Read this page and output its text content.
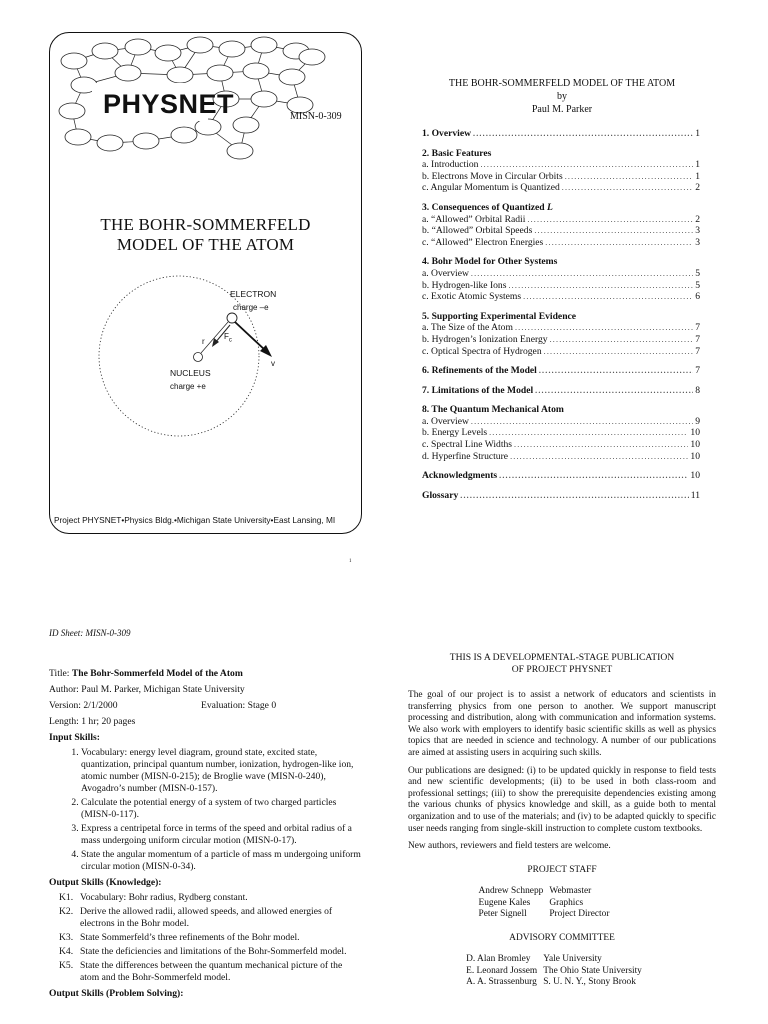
PHYSNET	MISN-0-309
THE BOHR-SOMMERFELD
MODEL OF THE ATOM
ELECTRON
charge –e
r
$F_c$
v
NUCLEUS
charge +e
Project PHYSNET•Physics Bldg.•Michigan State University•East Lansing, MI
THE BOHR-SOMMERFELD MODEL OF THE ATOM
by
Paul M. Parker
1. Overview .....	1
2. Basic Features
a. Introduction .....	1
b. Electrons Move in Circular Orbits .....	1
c. Angular Momentum is Quantized .....	2
3. Consequences of Quantized L
a. “Allowed” Orbital Radii .....	2
b. “Allowed” Orbital Speeds .....	3
c. “Allowed” Electron Energies .....	3
4. Bohr Model for Other Systems
a. Overview .....	5
b. Hydrogen-like Ions .....	5
c. Exotic Atomic Systems .....	6
5. Supporting Experimental Evidence
a. The Size of the Atom .....	7
b. Hydrogen’s Ionization Energy .....	7
c. Optical Spectra of Hydrogen .....	7
6. Refinements of the Model .....	7
7. Limitations of the Model .....	8
8. The Quantum Mechanical Atom
a. Overview .....	9
b. Energy Levels .....	10
c. Spectral Line Widths .....	10
d. Hyperfine Structure .....	10
Acknowledgments .....	10
Glossary .....	11
1
ID Sheet: MISN-0-309
Title: The Bohr-Sommerfeld Model of the Atom
Author: Paul M. Parker, Michigan State University
Version: 2/1/2000	Evaluation: Stage 0
Length: 1 hr; 20 pages
Input Skills:
1. Vocabulary: energy level diagram, ground state, excited state, quantization, principal quantum number, ionization, hydrogen-like ion, atomic number (MISN-0-215); de Broglie wave (MISN-0-240), Avogadro’s number (MISN-0-157).
2. Calculate the potential energy of a system of two charged particles (MISN-0-117).
3. Express a centripetal force in terms of the speed and orbital radius of a mass undergoing uniform circular motion (MISN-0-17).
4. State the angular momentum of a particle of mass m undergoing uniform circular motion (MISN-0-34).
Output Skills (Knowledge):
K1. Vocabulary: Bohr radius, Rydberg constant.
K2. Derive the allowed radii, allowed speeds, and allowed energies of electrons in the Bohr model.
K3. State Sommerfeld’s three refinements of the Bohr model.
K4. State the deficiencies and limitations of the Bohr-Sommerfeld model.
K5. State the differences between the quantum mechanical picture of the atom and the Bohr-Sommerfeld model.
Output Skills (Problem Solving):
THIS IS A DEVELOPMENTAL-STAGE PUBLICATION
OF PROJECT PHYSNET

The goal of our project is to assist a network of educators and scientists in transferring physics from one person to another. We support manuscript processing and distribution, along with communication and information systems. We also work with employers to identify basic scientific skills as well as physics topics that are needed in science and technology. A number of our publications are aimed at assisting users in acquiring such skills.

Our publications are designed: (i) to be updated quickly in response to field tests and new scientific developments; (ii) to be used in both class-room and professional settings; (iii) to show the prerequisite dependencies existing among the various chunks of physics knowledge and skill, as a guide both to mental organization and to use of the materials; and (iv) to be adapted quickly to specific user needs ranging from single-skill instruction to complete custom textbooks.

New authors, reviewers and field testers are welcome.

PROJECT STAFF
Andrew Schnepp	Webmaster
Eugene Kales	Graphics
Peter Signell	Project Director
ADVISORY COMMITTEE
D. Alan Bromley	Yale University
E. Leonard Jossem	The Ohio State University
A. A. Strassenburg	S. U. N. Y., Stony Brook
